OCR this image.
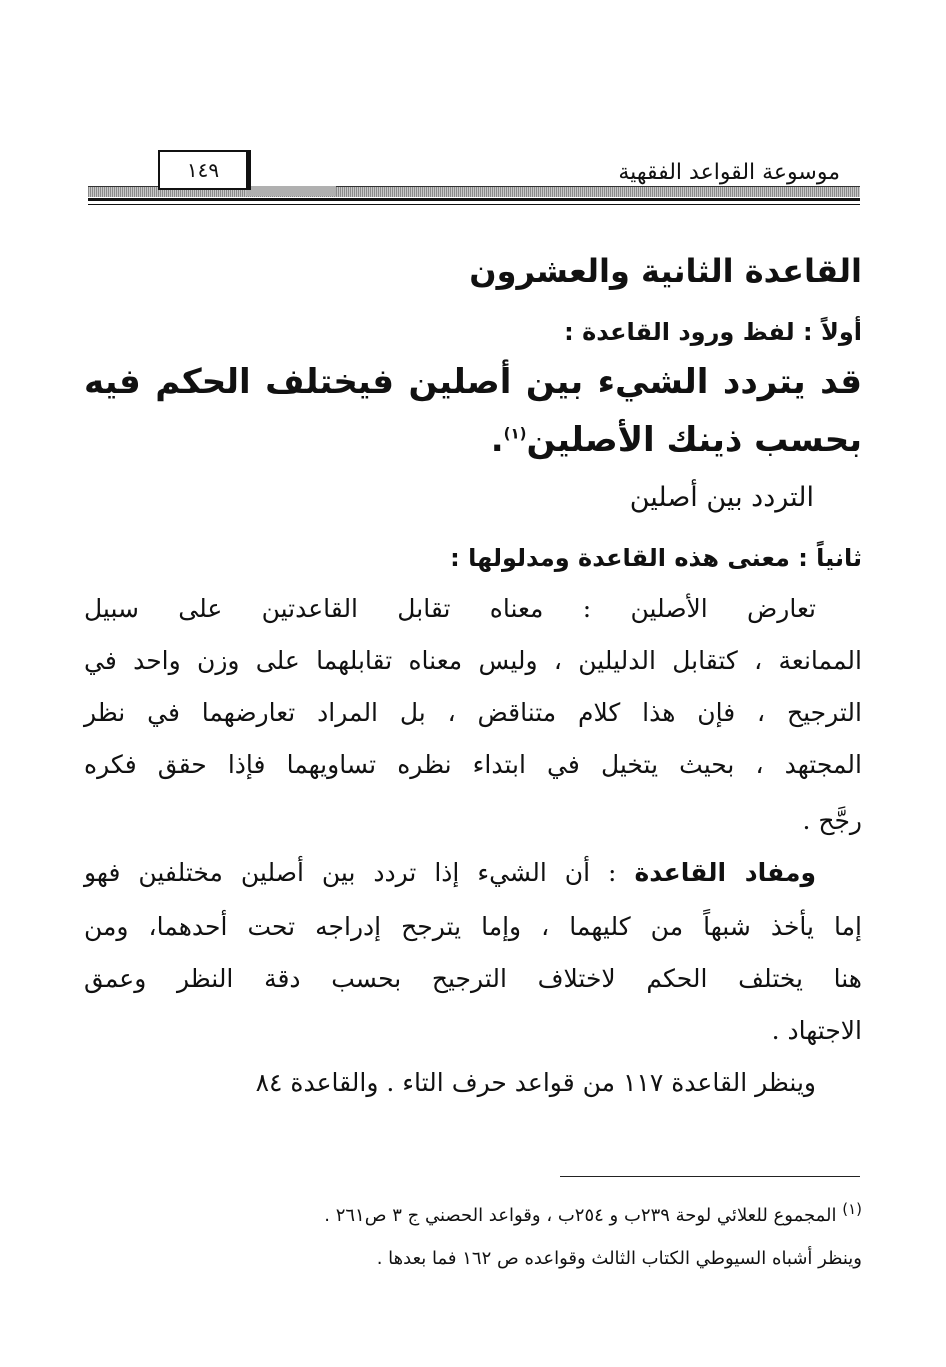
موسوعة القواعد الفقهية
١٤٩
القاعدة الثانية والعشرون
أولاً : لفظ ورود القاعدة :
قد يتردد الشيء بين أصلين فيختلف الحكم فيه
بحسب ذينك الأصلين$^{(١)}$.
التردد بين أصلين
ثانياً : معنى هذه القاعدة ومدلولها :
تعارض الأصلين : معناه تقابل القاعدتين على سبيل
الممانعة ، كتقابل الدليلين ، وليس معناه تقابلهما على وزن واحد في
الترجيح ، فإن هذا كلام متناقض ، بل المراد تعارضهما في نظر
المجتهد ، بحيث يتخيل في ابتداء نظره تساويهما فإذا حقق فكره
رجَّح .
ومفاد القاعدة : أن الشيء إذا تردد بين أصلين مختلفين فهو
إما يأخذ شبهاً من كليهما ، وإما يترجح إدراجه تحت أحدهما، ومن
هنا يختلف الحكم لاختلاف الترجيح بحسب دقة النظر وعمق
الاجتهاد .
وينظر القاعدة ١١٧ من قواعد حرف التاء . والقاعدة ٨٤
$^{(١)}$ المجموع للعلائي لوحة ٢٣٩ب و ٢٥٤ب ، وقواعد الحصني ج ٣ ص٢٦١ .
وينظر أشباه السيوطي الكتاب الثالث وقواعده ص ١٦٢ فما بعدها .
